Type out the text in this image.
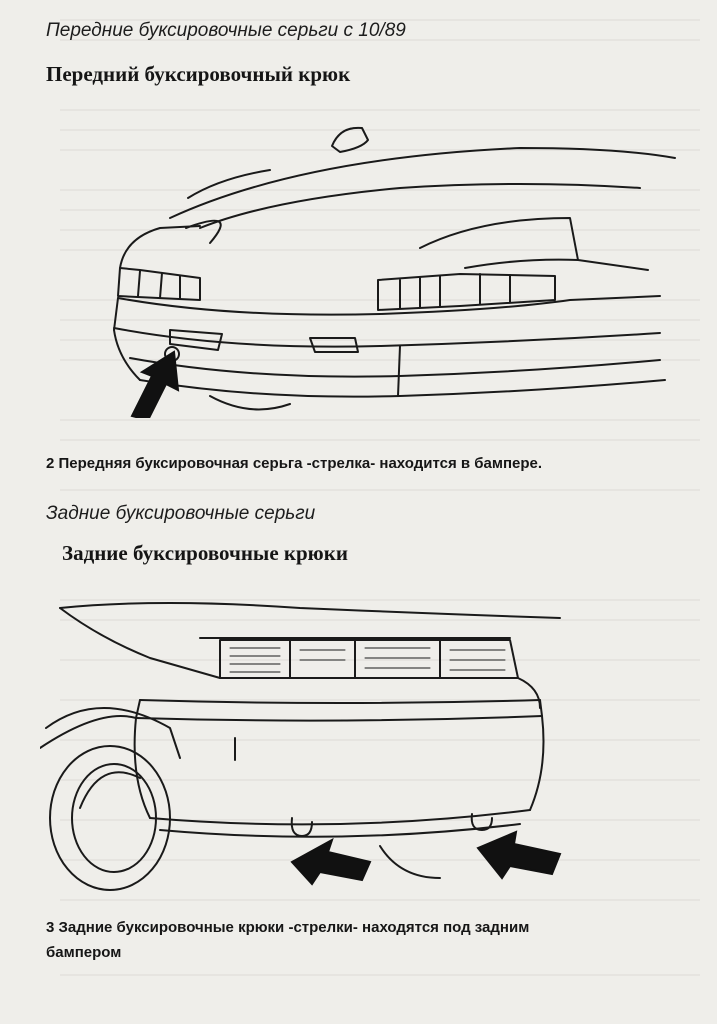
Передние буксировочные серьги с 10/89
Передний буксировочный крюк
2 Передняя буксировочная серьга -стрелка- находится в бампере.
Задние буксировочные серьги
Задние буксировочные крюки
3 Задние буксировочные крюки -стрелки- находятся под задним
бампером
